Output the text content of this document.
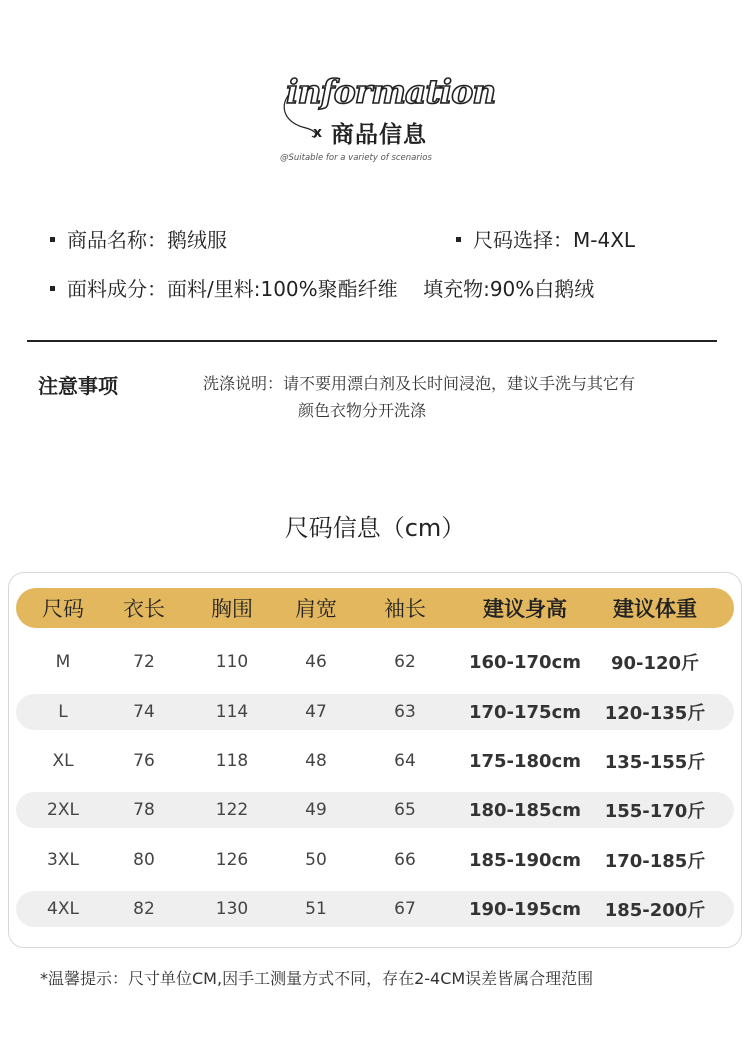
information
x 商品信息
@Suitable for a variety of scenarios
商品名称：鹅绒服	尺码选择：M-4XL
面料成分：面料/里料:100%聚酯纤维    填充物:90%白鹅绒
注意事项	洗涤说明：请不要用漂白剂及长时间浸泡，建议手洗与其它有
颜色衣物分开洗涤
尺码信息（cm）
尺码	衣长	胸围	肩宽	袖长	建议身高	建议体重
M	72	110	46	62	160-170cm	90-120斤
L	74	114	47	63	170-175cm	120-135斤
XL	76	118	48	64	175-180cm	135-155斤
2XL	78	122	49	65	180-185cm	155-170斤
3XL	80	126	50	66	185-190cm	170-185斤
4XL	82	130	51	67	190-195cm	185-200斤
*温馨提示：尺寸单位CM,因手工测量方式不同，存在2-4CM误差皆属合理范围
